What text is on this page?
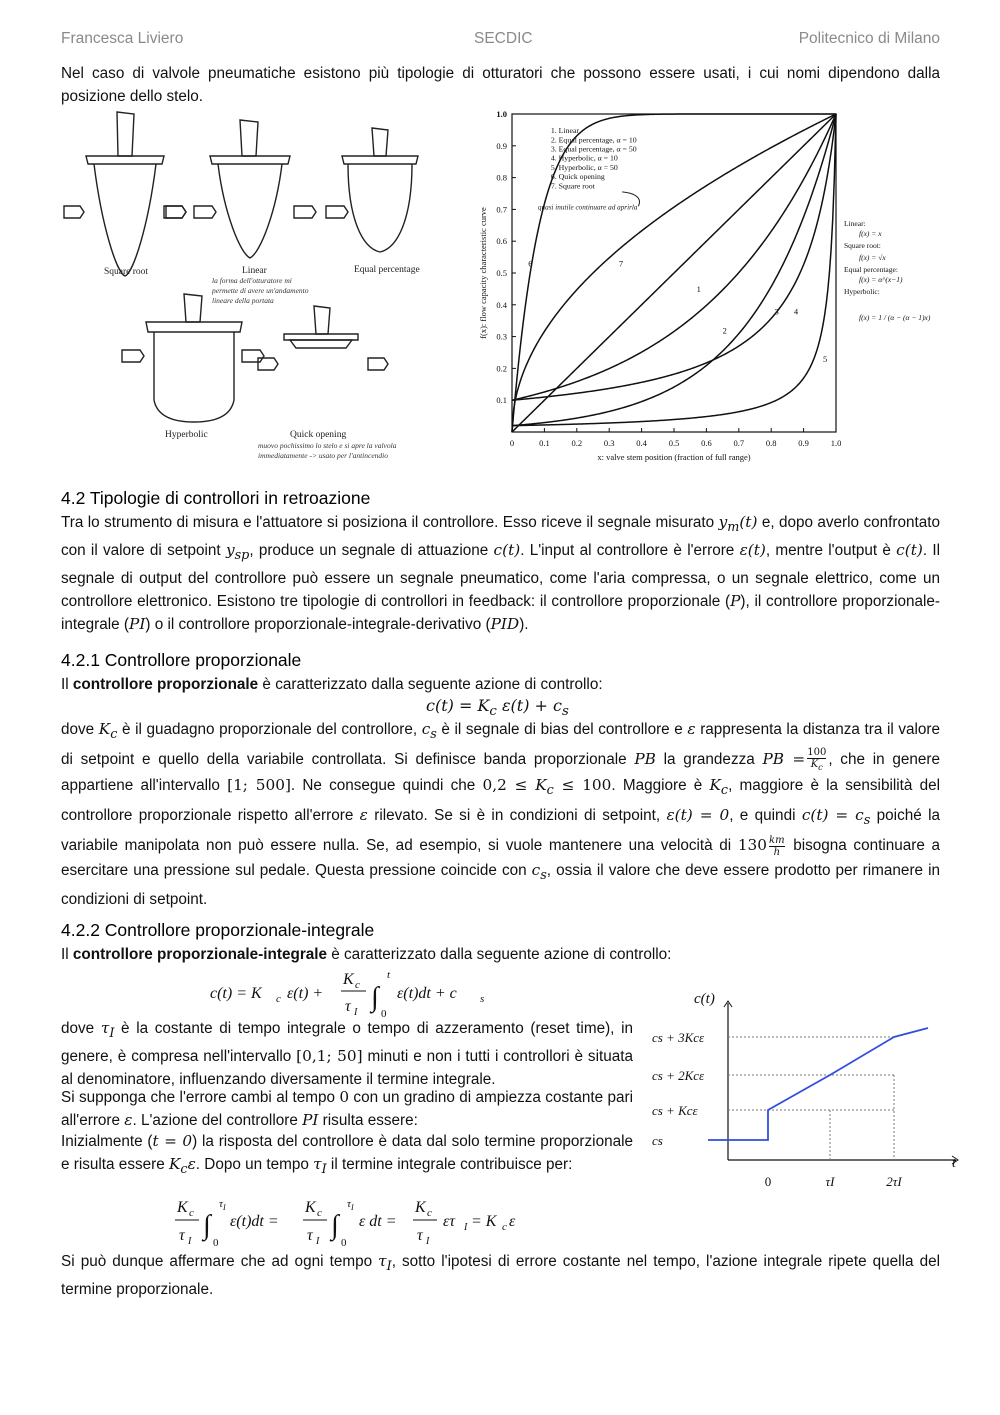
Francesca Liviero	SECDIC	Politecnico di Milano
Nel caso di valvole pneumatiche esistono più tipologie di otturatori che possono essere usati, i cui nomi dipendono dalla posizione dello stelo.
Square root	Linear	Equal percentage
Hyperbolic	Quick opening
la forma dell'otturatore mi
permette di avere un'andamento
lineare della portata
muovo pochissimo lo stelo e si apre la valvola
immediatamente -> usato per l'antincendio
0	0.1	0.2	0.3	0.4	0.5	0.6	0.7	0.8	0.9	1.0
0.1
0.2
0.3
0.4
0.5
0.6
0.7
0.8
0.9
1.0
x: valve stem position (fraction of full range)
f(x): flow capacity characteristic curve	1
2
3 4
5
6	7
1. Linear
2. Equal percentage, α = 10
3. Equal percentage, α = 50
4. Hyperbolic, α = 10
5. Hyperbolic, α = 50
6. Quick opening
7. Square root
quasi inutile continuare ad aprirla
Linear:
f(x) = x
Square root:
f(x) = √x
Equal percentage:
f(x) = α^(x−1)
Hyperbolic:
f(x) = 1 / (α − (α − 1)x)
4.2 Tipologie di controllori in retroazione
Tra lo strumento di misura e l'attuatore si posiziona il controllore. Esso riceve il segnale misurato $y_m(t)$ e, dopo averlo confrontato con il valore di setpoint $y_{sp}$, produce un segnale di attuazione c(t). L'input al controllore è l'errore ε(t), mentre l'output è c(t). Il segnale di output del controllore può essere un segnale pneumatico, come l'aria compressa, o un segnale elettrico, come un controllore elettronico. Esistono tre tipologie di controllori in feedback: il controllore proporzionale (P), il controllore proporzionale-integrale (PI) o il controllore proporzionale-integrale-derivativo (PID).
4.2.1 Controllore proporzionale
Il controllore proporzionale è caratterizzato dalla seguente azione di controllo:
$c(t) = K_c$ $\varepsilon(t) + c_s$
dove $K_c$ è il guadagno proporzionale del controllore, $c_s$ è il segnale di bias del controllore e ε rappresenta la distanza tra il valore di setpoint e quello della variabile controllata. Si definisce banda proporzionale PB la grandezza PB = $\frac{100}{K_c}$ , che in genere appartiene all'intervallo [1; 500]. Ne consegue quindi che $0,2 \le K_c \le 100$. Maggiore è $K_c$, maggiore è la sensibilità del controllore proporzionale rispetto all'errore ε rilevato. Se si è in condizioni di setpoint, ε(t) = 0, e quindi $c(t) = c_s$ poiché la variabile manipolata non può essere nulla. Se, ad esempio, si vuole mantenere una velocità di $130 \frac{km}{h}$ bisogna continuare a esercitare una pressione sul pedale. Questa pressione coincide con $c_s$, ossia il valore che deve essere prodotto per rimanere in condizioni di setpoint.
4.2.2 Controllore proporzionale-integrale
Il controllore proporzionale-integrale è caratterizzato dalla seguente azione di controllo:
c(t) = K c ε(t) +
K c
τ I ∫
t
0
ε(t)dt + c s
dove $\tau_I$ è la costante di tempo integrale o tempo di azzeramento (reset time), in genere, è compresa nell'intervallo [0,1; 50] minuti e non i tutti i controllori è situata al denominatore, influenzando diversamente il termine integrale.
Si supponga che l'errore cambi al tempo 0 con un gradino di ampiezza costante pari all'errore ε. L'azione del controllore PI risulta essere:
Inizialmente (t = 0) la risposta del controllore è data dal solo termine proporzionale e risulta essere $K_c\varepsilon$. Dopo un tempo $\tau_I$ il termine integrale contribuisce per:
K c
τ I
∫
$\tau_I$
0
ε(t)dt =
K c
τ I
∫
$\tau_I$
0
ε dt =
K c
τ I
ετ I = K c ε
Si può dunque affermare che ad ogni tempo $\tau_I$, sotto l'ipotesi di errore costante nel tempo, l'azione integrale ripete quella del termine proporzionale.
c(t)
t
cs
cs + Kcε
cs + 2Kcε
cs + 3Kcε
0	τI	2τI
